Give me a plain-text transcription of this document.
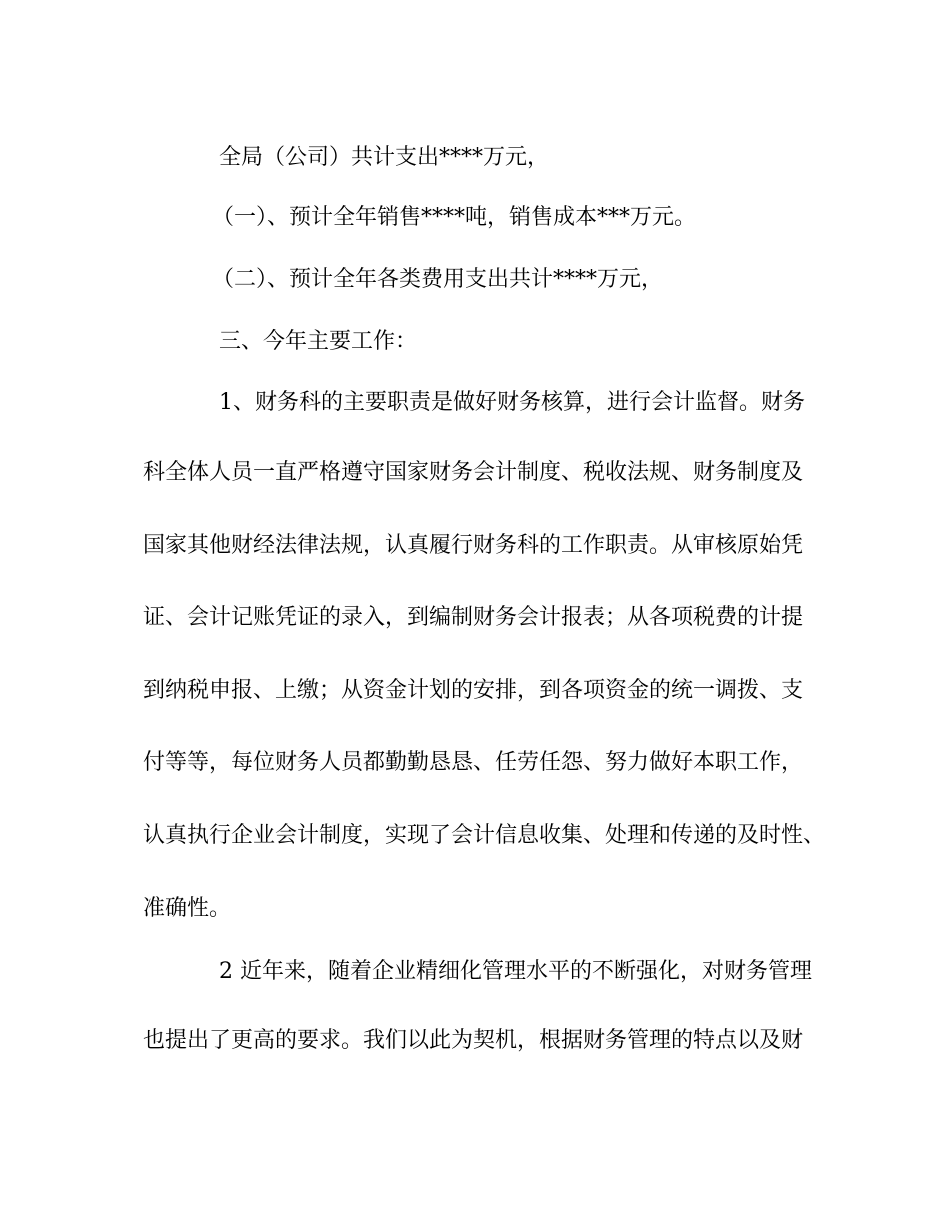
全局（公司）共计支出****万元，
（一）、预计全年销售****吨，销售成本***万元。
（二）、预计全年各类费用支出共计****万元，
三、今年主要工作：
1、财务科的主要职责是做好财务核算，进行会计监督。财务
科全体人员一直严格遵守国家财务会计制度、税收法规、财务制度及
国家其他财经法律法规，认真履行财务科的工作职责。从审核原始凭
证、会计记账凭证的录入，到编制财务会计报表；从各项税费的计提
到纳税申报、上缴；从资金计划的安排，到各项资金的统一调拨、支
付等等，每位财务人员都勤勤恳恳、任劳任怨、努力做好本职工作，
认真执行企业会计制度，实现了会计信息收集、处理和传递的及时性、
准确性。
2 近年来，随着企业精细化管理水平的不断强化，对财务管理
也提出了更高的要求。我们以此为契机，根据财务管理的特点以及财
